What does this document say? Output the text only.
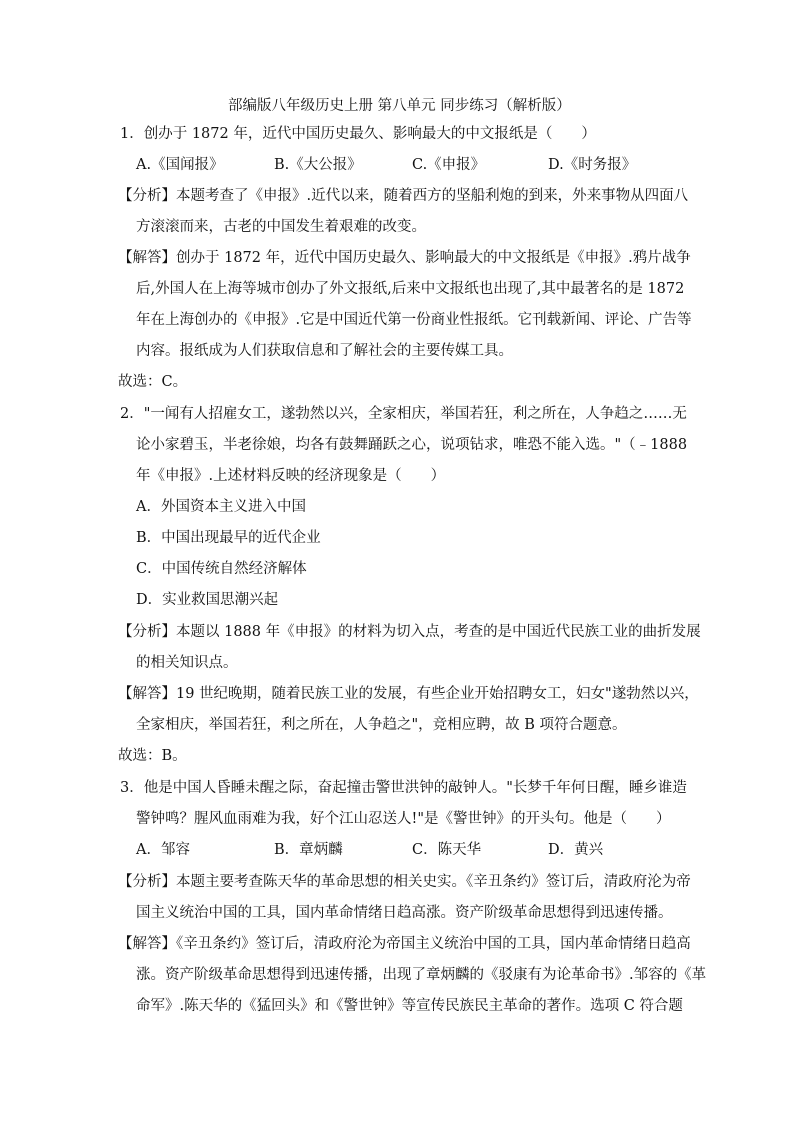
部编版八年级历史上册 第八单元 同步练习（解析版）
1．创办于 1872 年，近代中国历史最久、影响最大的中文报纸是（　　）
A.《国闻报》	B.《大公报》	C.《申报》	D.《时务报》
【分析】本题考查了《申报》.近代以来，随着西方的坚船利炮的到来，外来事物从四面八
方滚滚而来，古老的中国发生着艰难的改变。
【解答】创办于 1872 年，近代中国历史最久、影响最大的中文报纸是《申报》.鸦片战争
后,外国人在上海等城市创办了外文报纸,后来中文报纸也出现了,其中最著名的是 1872
年在上海创办的《申报》.它是中国近代第一份商业性报纸。它刊载新闻、评论、广告等
内容。报纸成为人们获取信息和了解社会的主要传媒工具。
故选：C。
2．"一闻有人招雇女工，遂勃然以兴，全家相庆，举国若狂，利之所在，人争趋之……无
论小家碧玉，半老徐娘，均各有鼓舞踊跃之心，说项钻求，唯恐不能入选。"（﹣1888
年《申报》.上述材料反映的经济现象是（　　）
A．外国资本主义进入中国
B．中国出现最早的近代企业
C．中国传统自然经济解体
D．实业救国思潮兴起
【分析】本题以 1888 年《申报》的材料为切入点，考查的是中国近代民族工业的曲折发展
的相关知识点。
【解答】19 世纪晚期，随着民族工业的发展，有些企业开始招聘女工，妇女"遂勃然以兴，
全家相庆，举国若狂，利之所在，人争趋之"，竞相应聘，故 B 项符合题意。
故选：B。
3．他是中国人昏睡未醒之际，奋起撞击警世洪钟的敲钟人。"长梦千年何日醒，睡乡谁造
警钟鸣？腥风血雨难为我，好个江山忍送人!"是《警世钟》的开头句。他是（　　）
A．邹容	B．章炳麟	C．陈天华	D．黄兴
【分析】本题主要考查陈天华的革命思想的相关史实。《辛丑条约》签订后，清政府沦为帝
国主义统治中国的工具，国内革命情绪日趋高涨。资产阶级革命思想得到迅速传播。
【解答】《辛丑条约》签订后，清政府沦为帝国主义统治中国的工具，国内革命情绪日趋高
涨。资产阶级革命思想得到迅速传播，出现了章炳麟的《驳康有为论革命书》.邹容的《革
命军》.陈天华的《猛回头》和《警世钟》等宣传民族民主革命的著作。选项 C 符合题
